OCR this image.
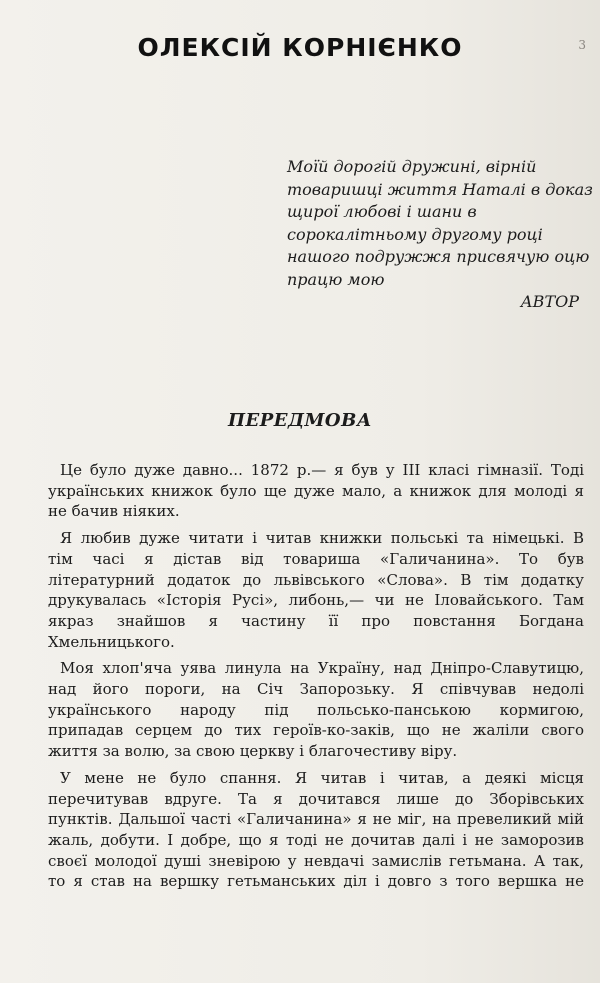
3
ОЛЕКСІЙ КОРНІЄНКО
Моїй дорогій дружині, вірній
товаришці життя Наталі в доказ
щирої любові і шани в
сорокалітньому другому році
нашого подружжя присвячую оцю
працю мою
АВТОР
ПЕРЕДМОВА

Це було дуже давно... 1872 р.— я був у III класі гімназії. Тоді
українських книжок було ще дуже мало, а книжок для молоді я
не бачив ніяких.

Я любив дуже читати і читав книжки польські та німецькі. В
тім часі я дістав від товариша «Галичанина». То був
літературний додаток до львівського «Слова». В тім додатку
друкувалась «Історія Русі», либонь,— чи не Іловайського. Там
якраз знайшов я частину її про повстання Богдана
Хмельницького.

Моя хлоп'яча уява линула на Україну, над Дніпро-Славутицю,
над його пороги, на Січ Запорозьку. Я співчував недолі
українського народу під польсько-панською кормигою,
припадав серцем до тих героїв-ко-заків, що не жаліли свого
життя за волю, за свою церкву і благочестиву віру.

У мене не було спання. Я читав і читав, а деякі місця
перечитував вдруге. Та я дочитався лише до Зборівських
пунктів. Дальшої часті «Галичанина» я не міг, на превеликий мій
жаль, добути. І добре, що я тоді не дочитав далі і не заморозив
своєї молодої душі зневірою у невдачі замислів гетьмана. А так,
то я став на вершку гетьманських діл і довго з того вершка не
